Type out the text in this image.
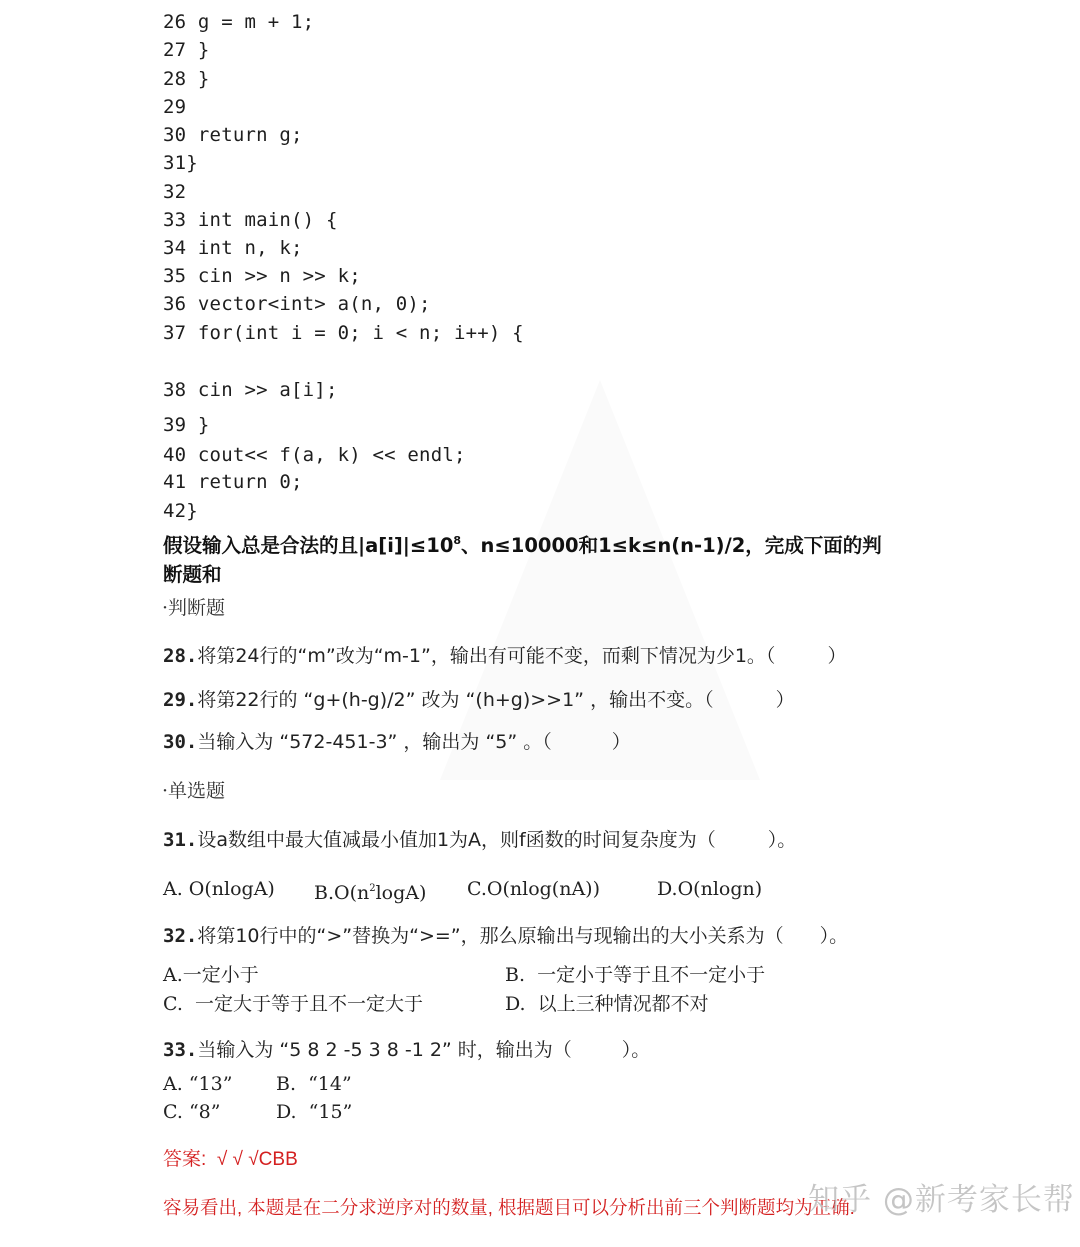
26 g = m + 1;
27 }
28 }
29
30 return g;
31}
32
33 int main() {
34 int n, k;
35 cin >> n >> k;
36 vector<int> a(n, 0);
37 for(int i = 0; i < n; i++) {
38 cin >> a[i];
39 }
40 cout<< f(a, k) << endl;
41 return 0;
42}
假设输入总是合法的且$|a[i]|\le 10^8$、n≤10000和1≤k≤n(n-1)/2，完成下面的判
断题和
·判断题
28.将第24行的“m”改为“m-1”，输出有可能不变，而剩下情况为少1。（	）
29.将第22行的 “g+(h-g)/2” 改为 “(h+g)>>1” ，输出不变。（	）
30.当输入为 “572-451-3” ，输出为 “5” 。（	）
·单选题
31.设a数组中最大值减最小值加1为A，则f函数的时间复杂度为（	）。
A. O(nlogA) $B.O(n^2\log A)$ C.O(nlog(nA))	D.O(nlogn)
32.将第10行中的“>”替换为“>=”，那么原输出与现输出的大小关系为（ ）。
A.一定小于	B.  一定小于等于且不一定小于
C.  一定大于等于且不一定大于	D.  以上三种情况都不对
33.当输入为 “5 8 2 -5 3 8 -1 2” 时，输出为（	）。
A. “13” B.  “14”
C. “8”	D.  “15”
答案:  √ √ √CBB
容易看出, 本题是在二分求逆序对的数量, 根据题目可以分析出前三个判断题均为正确.
知乎 @新考家长帮
